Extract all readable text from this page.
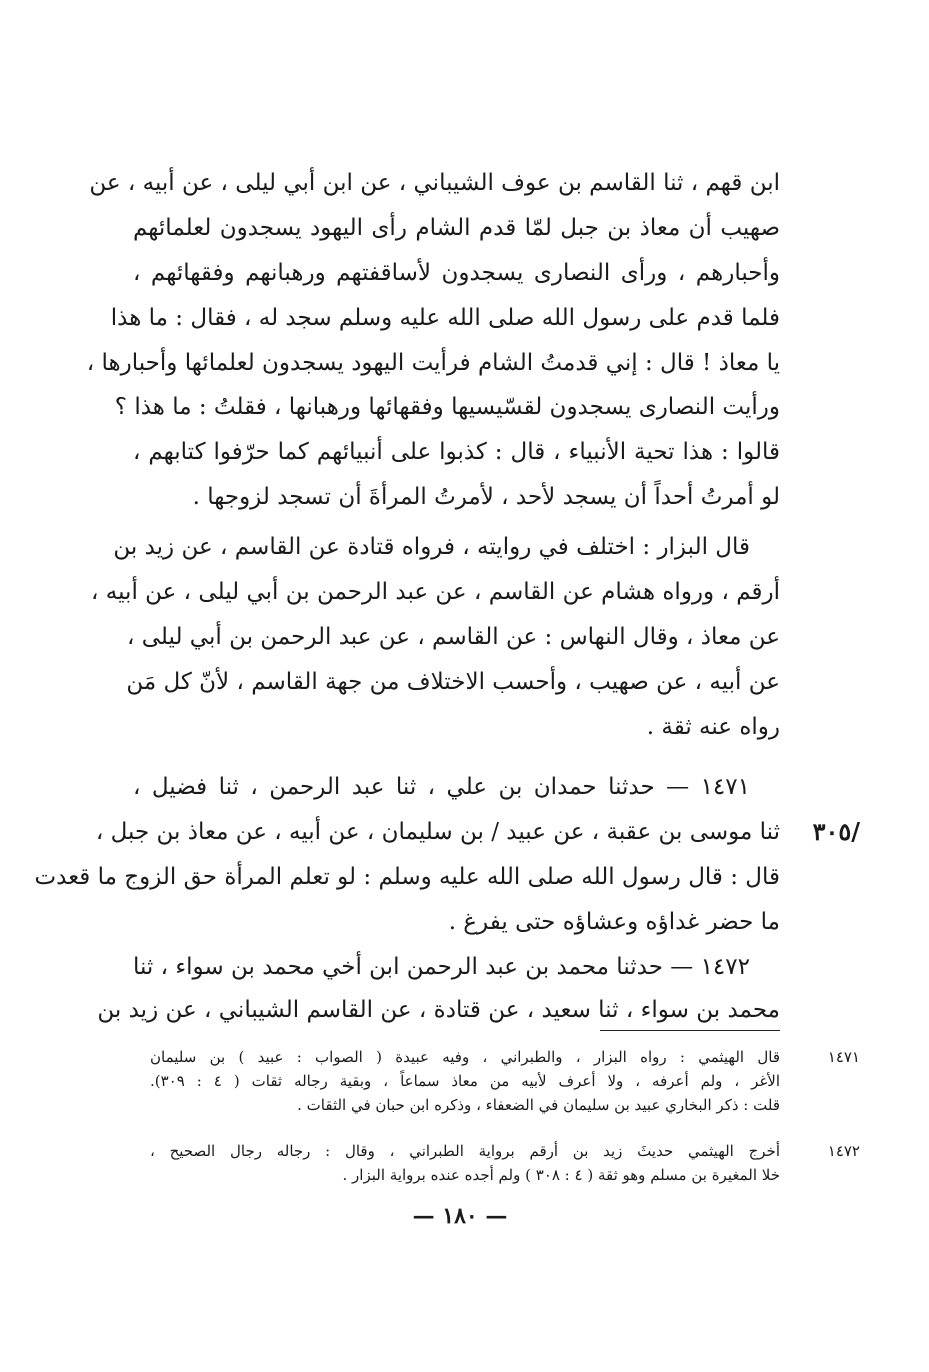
ابن قهم ، ثنا القاسم بن عوف الشيباني ، عن ابن أبي ليلى ، عن أبيه ، عن
صهيب أن معاذ بن جبل لمّا قدم الشام رأى اليهود يسجدون لعلمائهم
وأحبارهم ، ورأى النصارى يسجدون لأساقفتهم ورهبانهم وفقهائهم ،
فلما قدم على رسول الله صلى الله عليه وسلم سجد له ، فقال : ما هذا
يا معاذ ! قال : إني قدمتُ الشام فرأيت اليهود يسجدون لعلمائها وأحبارها ،
ورأيت النصارى يسجدون لقسّيسيها وفقهائها ورهبانها ، فقلتُ : ما هذا ؟
قالوا : هذا تحية الأنبياء ، قال : كذبوا على أنبيائهم كما حرّفوا كتابهم ،
لو أمرتُ أحداً أن يسجد لأحد ، لأمرتُ المرأةَ أن تسجد لزوجها .
قال البزار : اختلف في روايته ، فرواه قتادة عن القاسم ، عن زيد بن
أرقم ، ورواه هشام عن القاسم ، عن عبد الرحمن بن أبي ليلى ، عن أبيه ،
عن معاذ ، وقال النهاس : عن القاسم ، عن عبد الرحمن بن أبي ليلى ،
عن أبيه ، عن صهيب ، وأحسب الاختلاف من جهة القاسم ، لأنّ كل مَن
رواه عنه ثقة .
١٤٧١ — حدثنا حمدان بن علي ، ثنا عبد الرحمن ، ثنا فضيل ،
/٣٠٥
ثنا موسى بن عقبة ، عن عبيد / بن سليمان ، عن أبيه ، عن معاذ بن جبل ،
قال : قال رسول الله صلى الله عليه وسلم : لو تعلم المرأة حق الزوج ما قعدت
ما حضر غداؤه وعشاؤه حتى يفرغ .
١٤٧٢ — حدثنا محمد بن عبد الرحمن ابن أخي محمد بن سواء ، ثنا
محمد بن سواء ، ثنا سعيد ، عن قتادة ، عن القاسم الشيباني ، عن زيد بن
١٤٧١
قال الهيثمي : رواه البزار ، والطبراني ، وفيه عبيدة ( الصواب : عبيد ) بن سليمان
الأغر ، ولم أعرفه ، ولا أعرف لأبيه من معاذ سماعاً ، وبقية رجاله ثقات ( ٤ : ٣٠٩).
قلت : ذكر البخاري عبيد بن سليمان في الضعفاء ، وذكره ابن حبان في الثقات .
١٤٧٢
أخرج الهيثمي حديثَ زيد بن أرقم برواية الطبراني ، وقال : رجاله رجال الصحيح ،
خلا المغيرة بن مسلم وهو ثقة ( ٤ : ٣٠٨ ) ولم أجده عنده برواية البزار .
— ١٨٠ —
